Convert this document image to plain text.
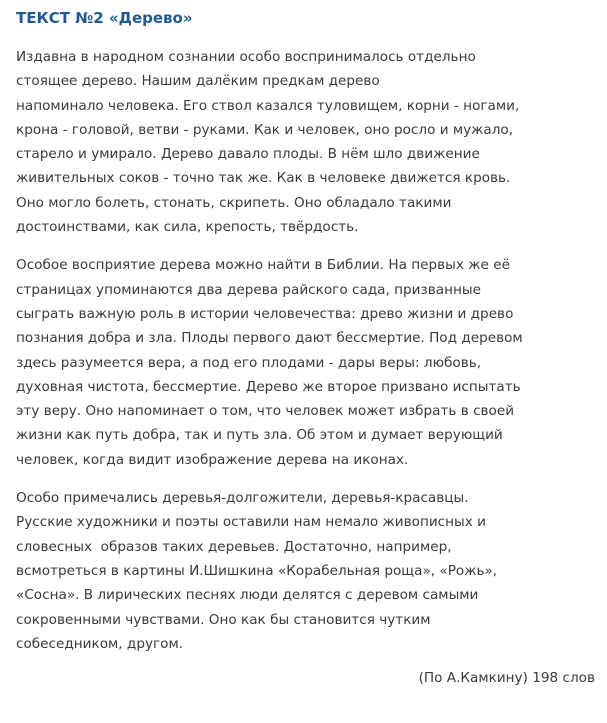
ТЕКСТ №2 «Дерево»
Издавна в народном сознании особо воспринималось отдельно
стоящее дерево. Нашим далёким предкам дерево
напоминало человека. Его ствол казался туловищем, корни - ногами,
крона - головой, ветви - руками. Как и человек, оно росло и мужало,
старело и умирало. Дерево давало плоды. В нём шло движение
живительных соков - точно так же. Как в человеке движется кровь.
Оно могло болеть, стонать, скрипеть. Оно обладало такими
достоинствами, как сила, крепость, твёрдость.
Особое восприятие дерева можно найти в Библии. На первых же её
страницах упоминаются два дерева райского сада, призванные
сыграть важную роль в истории человечества: древо жизни и древо
познания добра и зла. Плоды первого дают бессмертие. Под деревом
здесь разумеется вера, а под его плодами - дары веры: любовь,
духовная чистота, бессмертие. Дерево же второе призвано испытать
эту веру. Оно напоминает о том, что человек может избрать в своей
жизни как путь добра, так и путь зла. Об этом и думает верующий
человек, когда видит изображение дерева на иконах.
Особо примечались деревья-долгожители, деревья-красавцы.
Русские художники и поэты оставили нам немало живописных и
словесных  образов таких деревьев. Достаточно, например,
всмотреться в картины И.Шишкина «Корабельная роща», «Рожь»,
«Сосна». В лирических песнях люди делятся с деревом самыми
сокровенными чувствами. Оно как бы становится чутким
собеседником, другом.
(По А.Камкину) 198 слов
